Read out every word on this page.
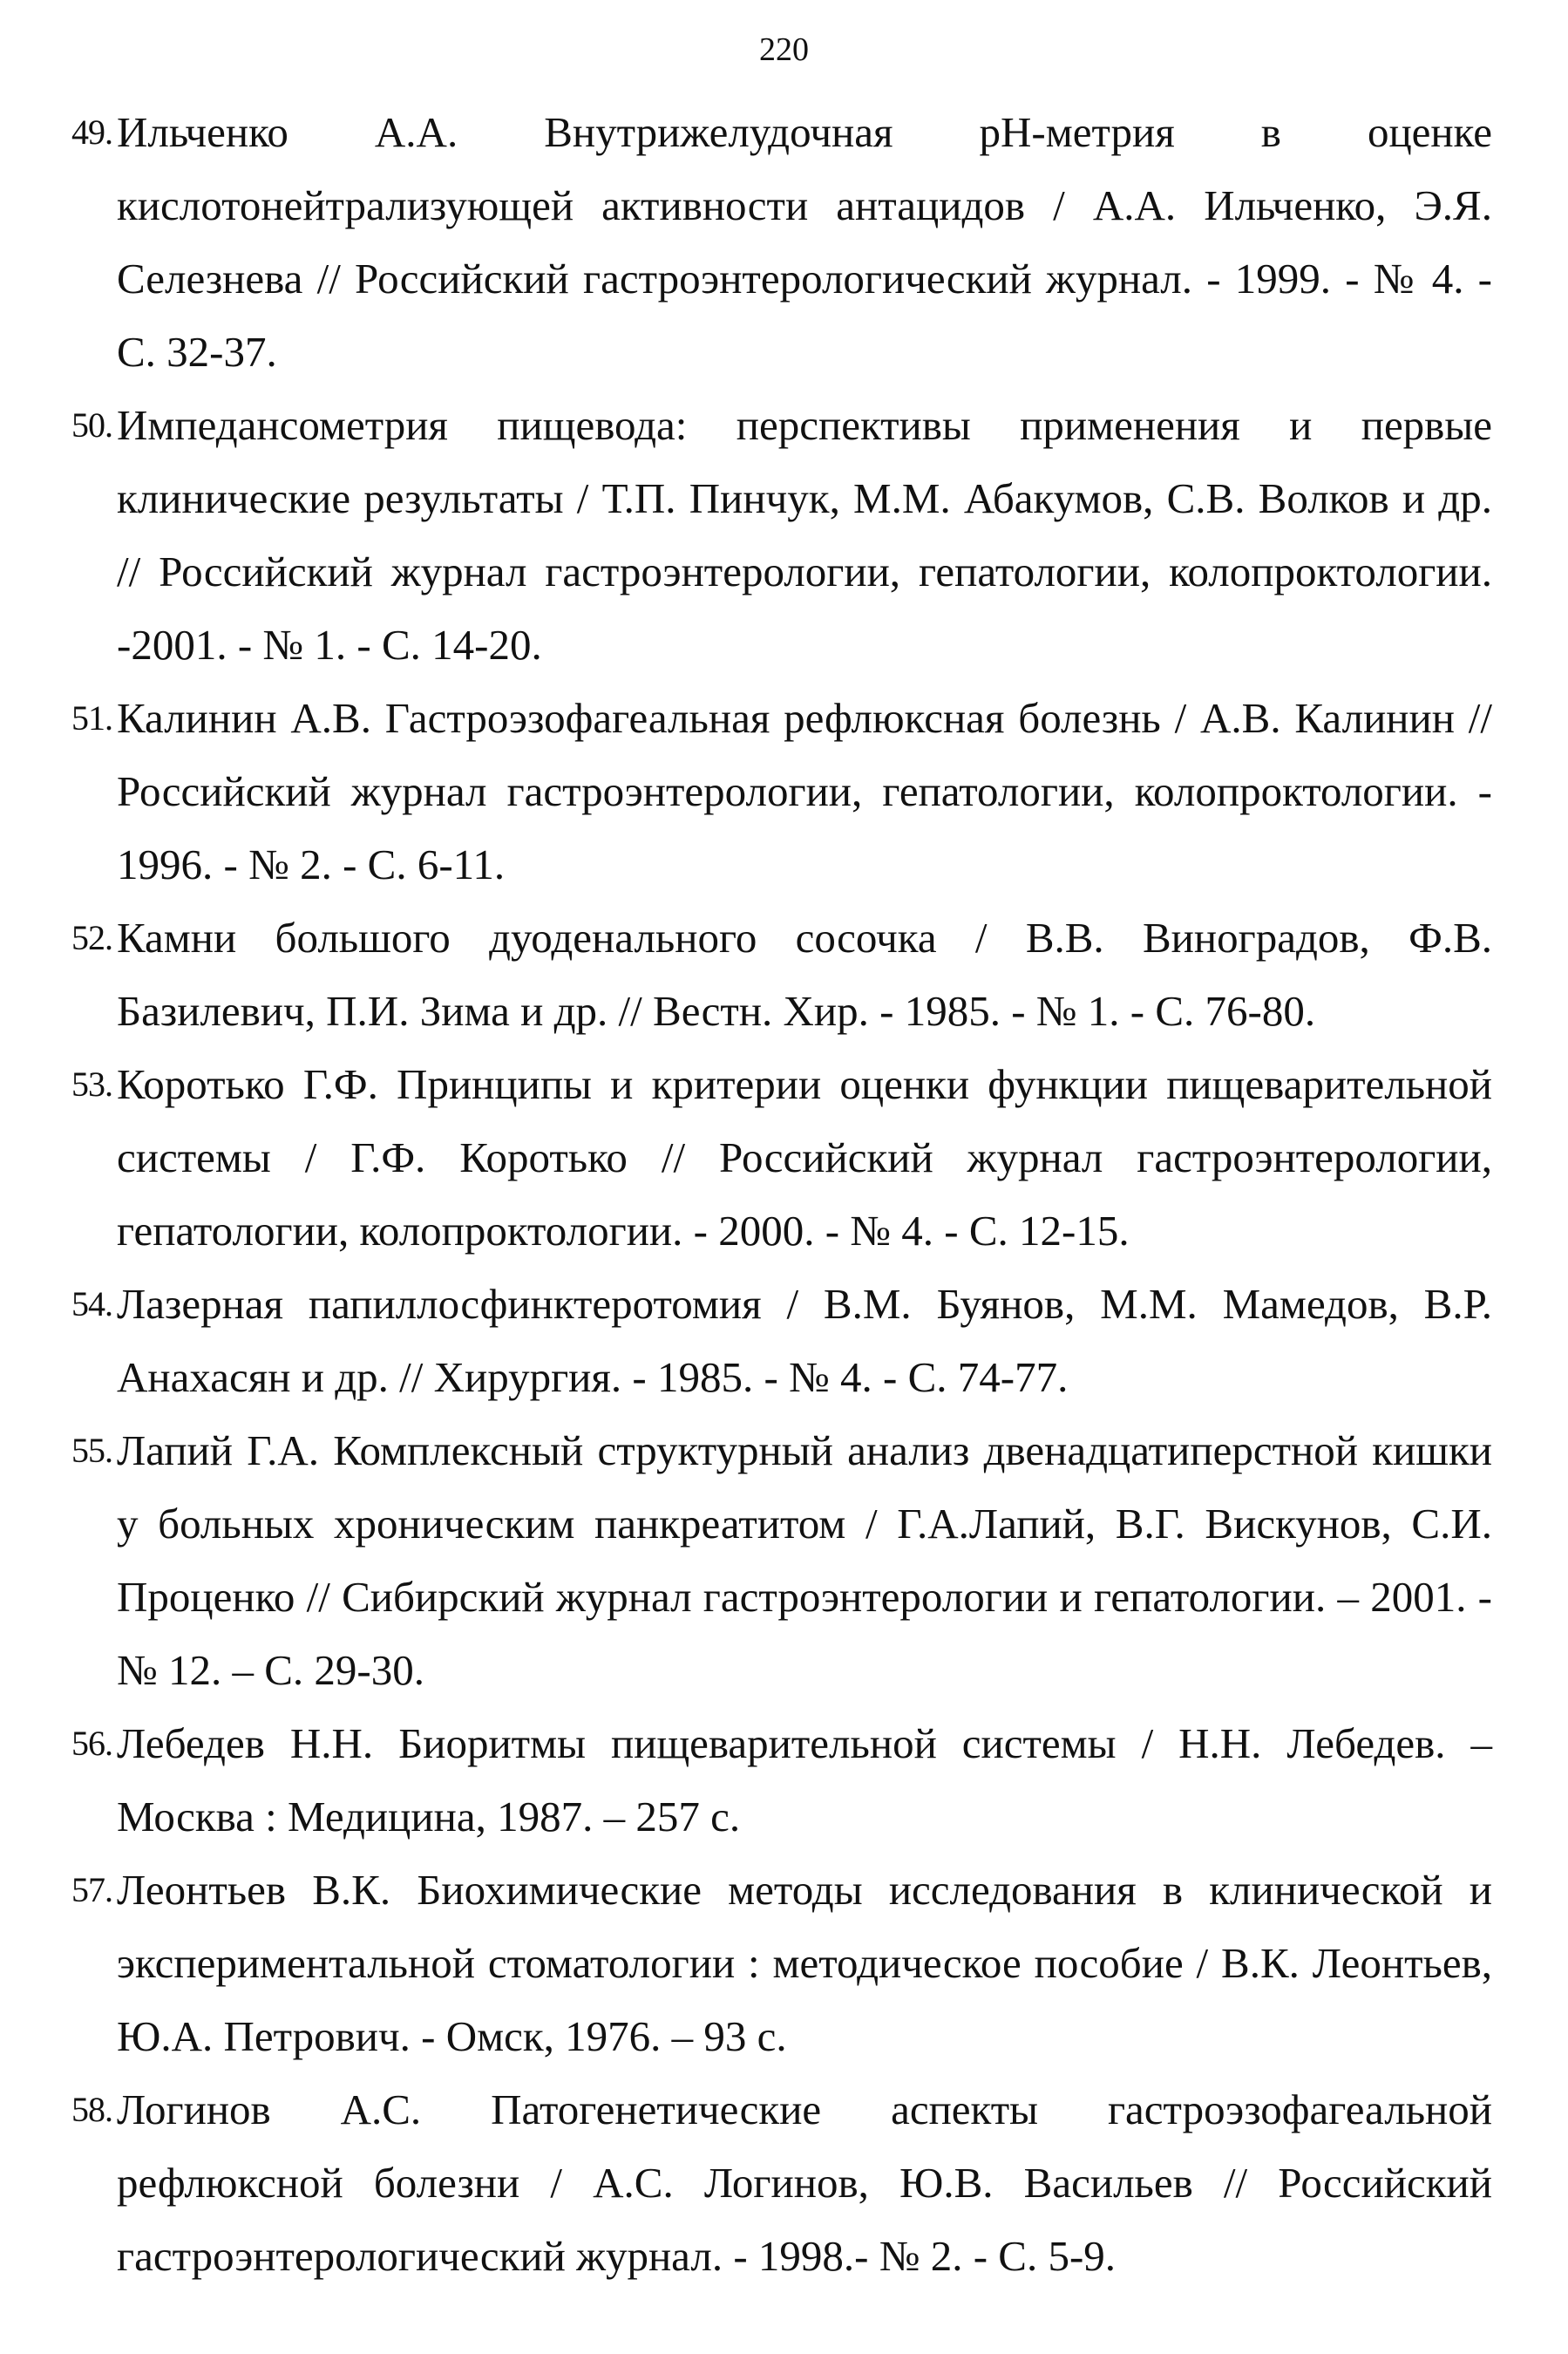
220
49. Ильченко А.А. Внутрижелудочная pH-метрия в оценке кислотонейтрализующей активности антацидов / А.А. Ильченко, Э.Я. Селезнева // Российский гастроэнтерологический журнал. - 1999. - № 4. - С. 32-37.
50. Импедансометрия пищевода: перспективы применения и первые клинические результаты / Т.П. Пинчук, М.М. Абакумов, С.В. Волков и др. // Российский журнал гастроэнтерологии, гепатологии, колопроктологии. -2001. - № 1. - С. 14-20.
51. Калинин А.В. Гастроэзофагеальная рефлюксная болезнь / А.В. Калинин // Российский журнал гастроэнтерологии, гепатологии, колопроктологии. - 1996. - № 2. - С. 6-11.
52. Камни большого дуоденального сосочка / В.В. Виноградов, Ф.В. Базилевич, П.И. Зима и др. // Вестн. Хир. - 1985. - № 1. - С. 76-80.
53. Коротько Г.Ф. Принципы и критерии оценки функции пищеварительной системы / Г.Ф. Коротько // Российский журнал гастроэнтерологии, гепатологии, колопроктологии. - 2000. - № 4. - С. 12-15.
54. Лазерная папиллосфинктеротомия / В.М. Буянов, М.М. Мамедов, В.Р. Анахасян и др. // Хирургия. - 1985. - № 4. - С. 74-77.
55. Лапий Г.А. Комплексный структурный анализ двенадцатиперстной кишки у больных хроническим панкреатитом / Г.А.Лапий, В.Г. Вискунов, С.И. Проценко // Сибирский журнал гастроэнтерологии и гепатологии. – 2001. - № 12. – С. 29-30.
56. Лебедев Н.Н. Биоритмы пищеварительной системы / Н.Н. Лебедев. – Москва : Медицина, 1987. – 257 с.
57. Леонтьев В.К. Биохимические методы исследования в клинической и экспериментальной стоматологии : методическое пособие / В.К. Леонтьев, Ю.А. Петрович. - Омск, 1976. – 93 с.
58. Логинов А.С. Патогенетические аспекты гастроэзофагеальной рефлюксной болезни / А.С. Логинов, Ю.В. Васильев // Российский гастроэнтерологический журнал. - 1998.- № 2. - С. 5-9.
